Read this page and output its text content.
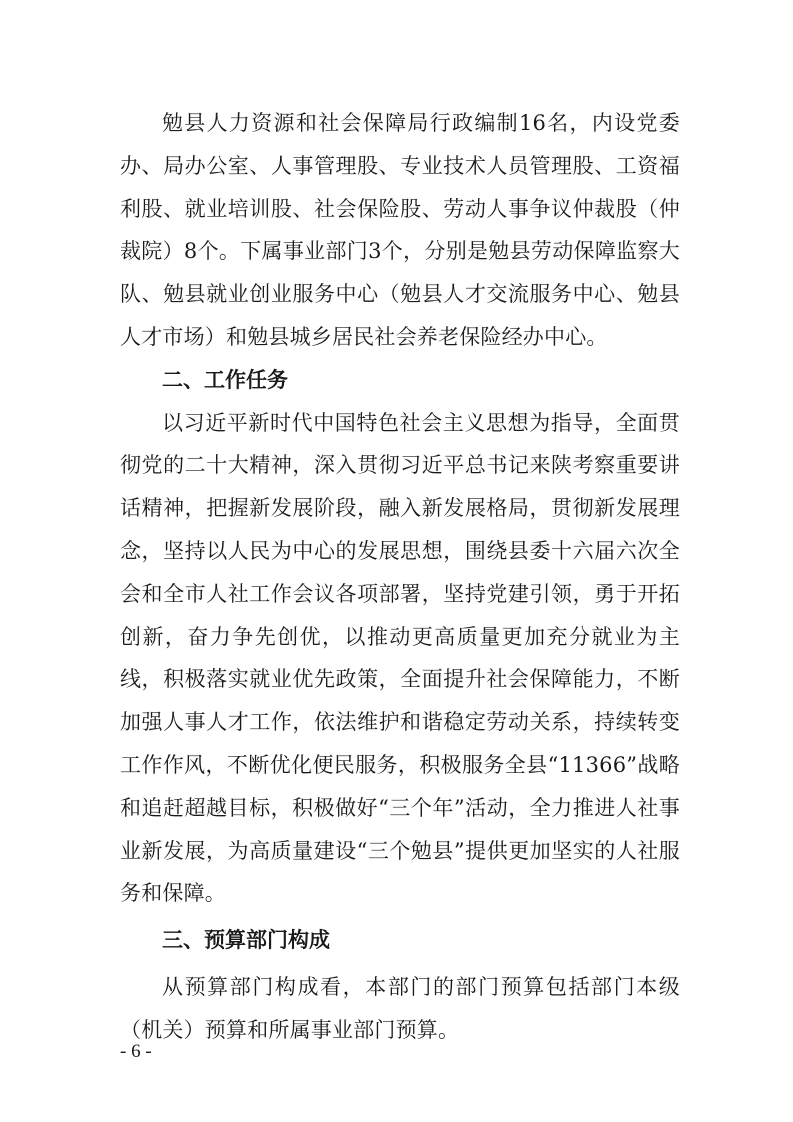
勉县人力资源和社会保障局行政编制16名，内设党委办、局办公室、人事管理股、专业技术人员管理股、工资福利股、就业培训股、社会保险股、劳动人事争议仲裁股（仲裁院）8个。下属事业部门3个，分别是勉县劳动保障监察大队、勉县就业创业服务中心（勉县人才交流服务中心、勉县人才市场）和勉县城乡居民社会养老保险经办中心。

二、工作任务

以习近平新时代中国特色社会主义思想为指导，全面贯彻党的二十大精神，深入贯彻习近平总书记来陕考察重要讲话精神，把握新发展阶段，融入新发展格局，贯彻新发展理念，坚持以人民为中心的发展思想，围绕县委十六届六次全会和全市人社工作会议各项部署，坚持党建引领，勇于开拓创新，奋力争先创优，以推动更高质量更加充分就业为主线，积极落实就业优先政策，全面提升社会保障能力，不断加强人事人才工作，依法维护和谐稳定劳动关系，持续转变工作作风，不断优化便民服务，积极服务全县“11366”战略和追赶超越目标，积极做好“三个年”活动，全力推进人社事业新发展，为高质量建设“三个勉县”提供更加坚实的人社服务和保障。

三、预算部门构成

从预算部门构成看，本部门的部门预算包括部门本级（机关）预算和所属事业部门预算。

- 6 -
